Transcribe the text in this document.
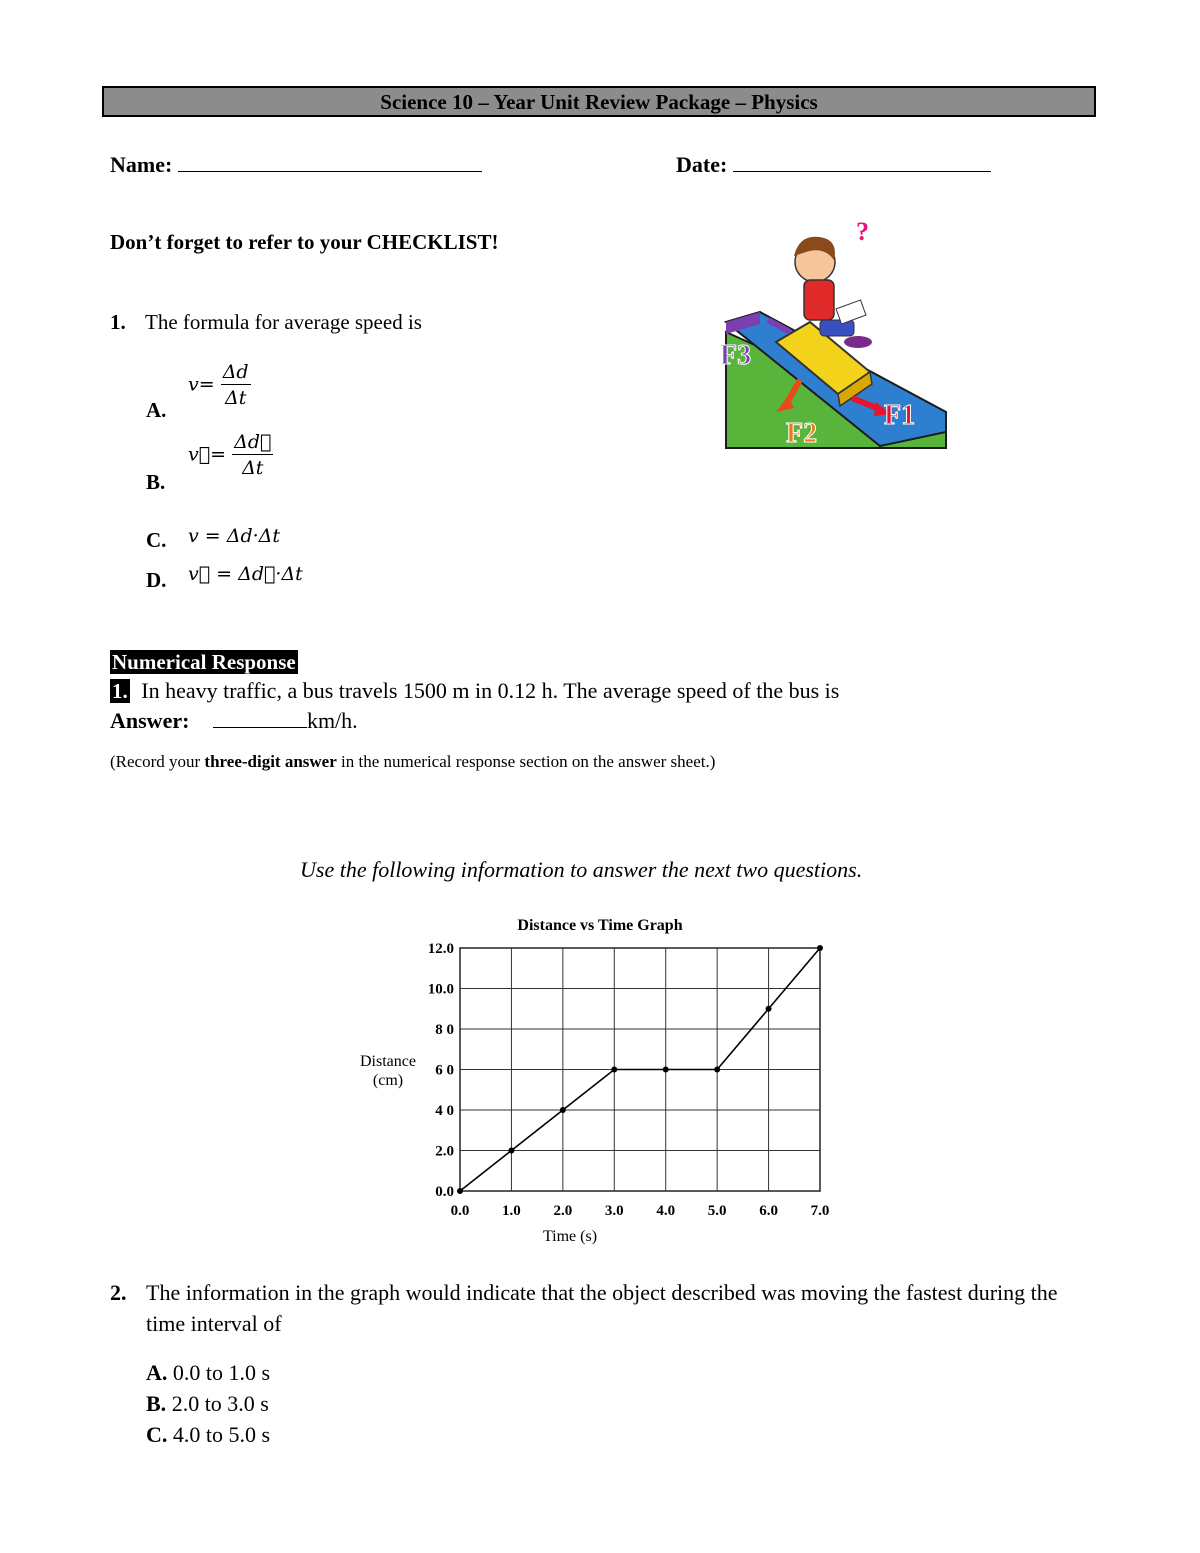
Science 10 – Year Unit Review Package – Physics
Name:	Date:
Don’t forget to refer to your CHECKLIST!
1. The formula for average speed is
A.
$v= \frac{\Delta d}{\Delta t}$
B.
v⃗= $\frac{\Delta d⃗}{\Delta t}$
C. v = Δd·Δt
D. v⃗ = Δd⃗·Δt
?
F3
F2
F1
Numerical Response
1. In heavy traffic, a bus travels 1500 m in 0.12 h. The average speed of the bus is
Answer:	km/h.
(Record your three-digit answer in the numerical response section on the answer sheet.)
Use the following information to answer the next two questions.
Distance vs Time Graph
0.0 1.0 2.0 3.0 4.0 5.0 6.0 7.0
0.0
2.0
4 0
6 0
8 0
10.0
12.0
Time (s)
Distance
(cm)
2. The information in the graph would indicate that the object described was moving the fastest during the time interval of
A. 0.0 to 1.0 s
B. 2.0 to 3.0 s
C. 4.0 to 5.0 s
